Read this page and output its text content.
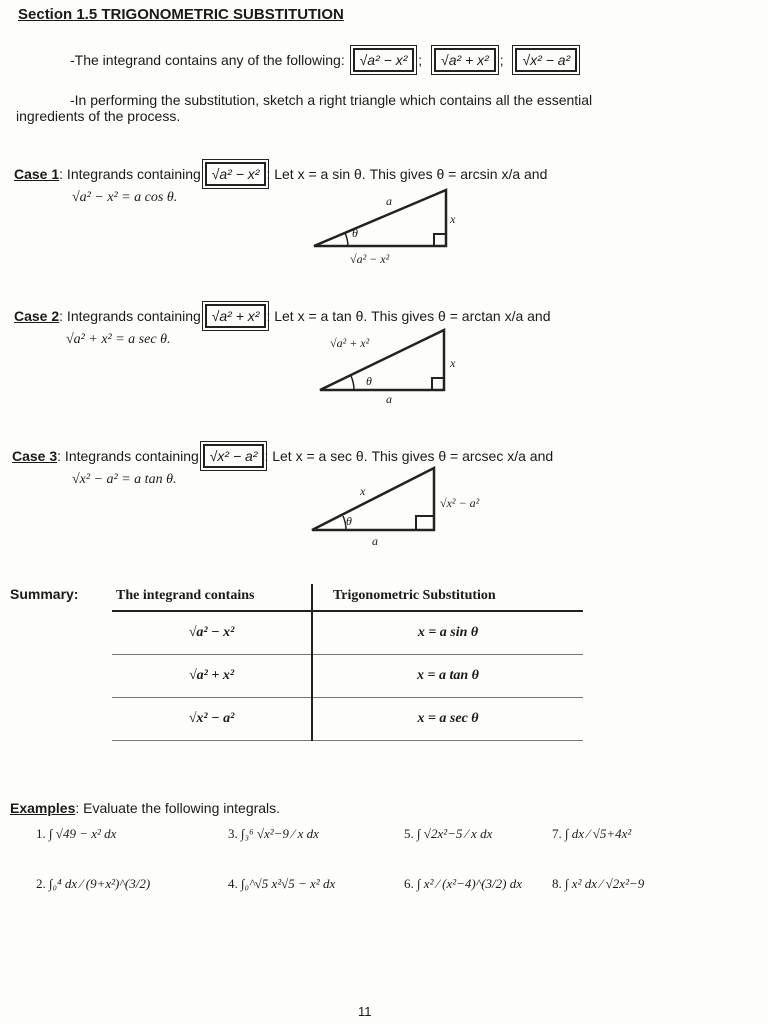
Section 1.5 TRIGONOMETRIC SUBSTITUTION
-The integrand contains any of the following: √a² − x² ; √a² + x² ; √x² − a²
-In performing the substitution, sketch a right triangle which contains all the essential
ingredients of the process.
Case 1: Integrands containing √a² − x² : Let x = a sin θ. This gives θ = arcsin x/a and
√a² − x² = a cos θ.
θ
a
x
√a² − x²
Case 2: Integrands containing √a² + x² : Let x = a tan θ. This gives θ = arctan x/a and
√a² + x² = a sec θ.	√a² + x²
x
θ
a
Case 3: Integrands containing √x² − a² : Let x = a sec θ. This gives θ = arcsec x/a and
√x² − a² = a tan θ.
x
√x² − a²
θ
a
Summary:	The integrand contains	Trigonometric Substitution
√a² − x²	x = a sin θ
√a² + x²	x = a tan θ
√x² − a²	x = a sec θ
Examples: Evaluate the following integrals.
1. ∫ √49 − x² dx	3. ∫₃⁶ √x²−9 ⁄ x dx	5. ∫ √2x²−5 ⁄ x dx	7. ∫ dx ⁄ √5+4x²
2. ∫₀⁴ dx ⁄ (9+x²)^(3/2)	4. ∫₀^√5 x²√5 − x² dx	6. ∫ x² ⁄ (x²−4)^(3/2) dx 8. ∫ x² dx ⁄ √2x²−9
11
